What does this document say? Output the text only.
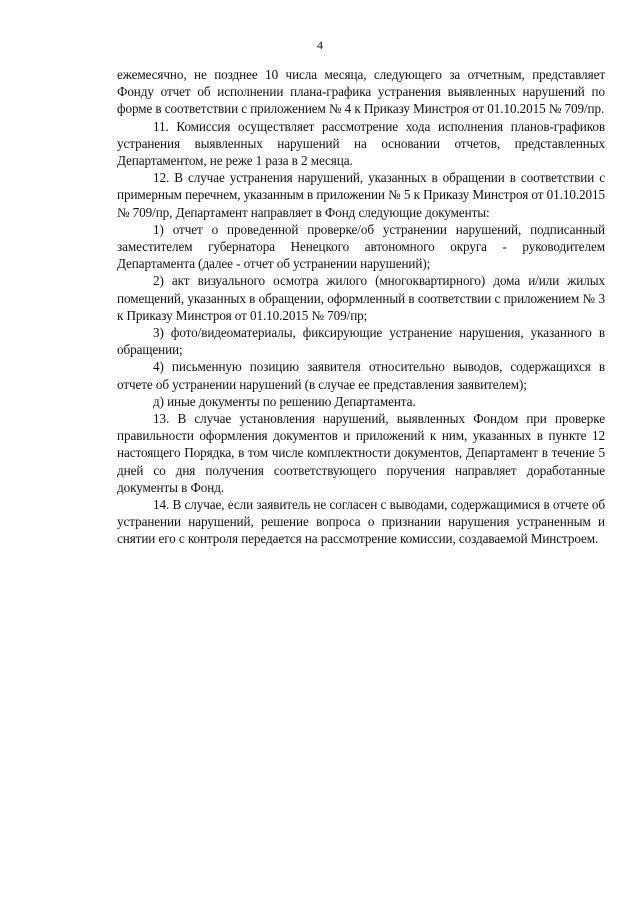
4

ежемесячно, не позднее 10 числа месяца, следующего за отчетным, представляет Фонду отчет об исполнении плана-графика устранения выявленных нарушений по форме в соответствии с приложением № 4 к Приказу Минстроя от 01.10.2015 № 709/пр.

11. Комиссия осуществляет рассмотрение хода исполнения планов-графиков устранения выявленных нарушений на основании отчетов, представленных Департаментом, не реже 1 раза в 2 месяца.

12. В случае устранения нарушений, указанных в обращении в соответствии с примерным перечнем, указанным в приложении № 5 к Приказу Минстроя от 01.10.2015 № 709/пр, Департамент направляет в Фонд следующие документы:

1) отчет о проведенной проверке/об устранении нарушений, подписанный заместителем губернатора Ненецкого автономного округа - руководителем Департамента (далее - отчет об устранении нарушений);

2) акт визуального осмотра жилого (многоквартирного) дома и/или жилых помещений, указанных в обращении, оформленный в соответствии с приложением № 3 к Приказу Минстроя от 01.10.2015 № 709/пр;

3) фото/видеоматериалы, фиксирующие устранение нарушения, указанного в обращении;

4) письменную позицию заявителя относительно выводов, содержащихся в отчете об устранении нарушений (в случае ее представления заявителем);

д) иные документы по решению Департамента.

13. В случае установления нарушений, выявленных Фондом при проверке правильности оформления документов и приложений к ним, указанных в пункте 12 настоящего Порядка, в том числе комплектности документов, Департамент в течение 5 дней со дня получения соответствующего поручения направляет доработанные документы в Фонд.

14. В случае, если заявитель не согласен с выводами, содержащимися в отчете об устранении нарушений, решение вопроса о признании нарушения устраненным и снятии его с контроля передается на рассмотрение комиссии, создаваемой Минстроем.
